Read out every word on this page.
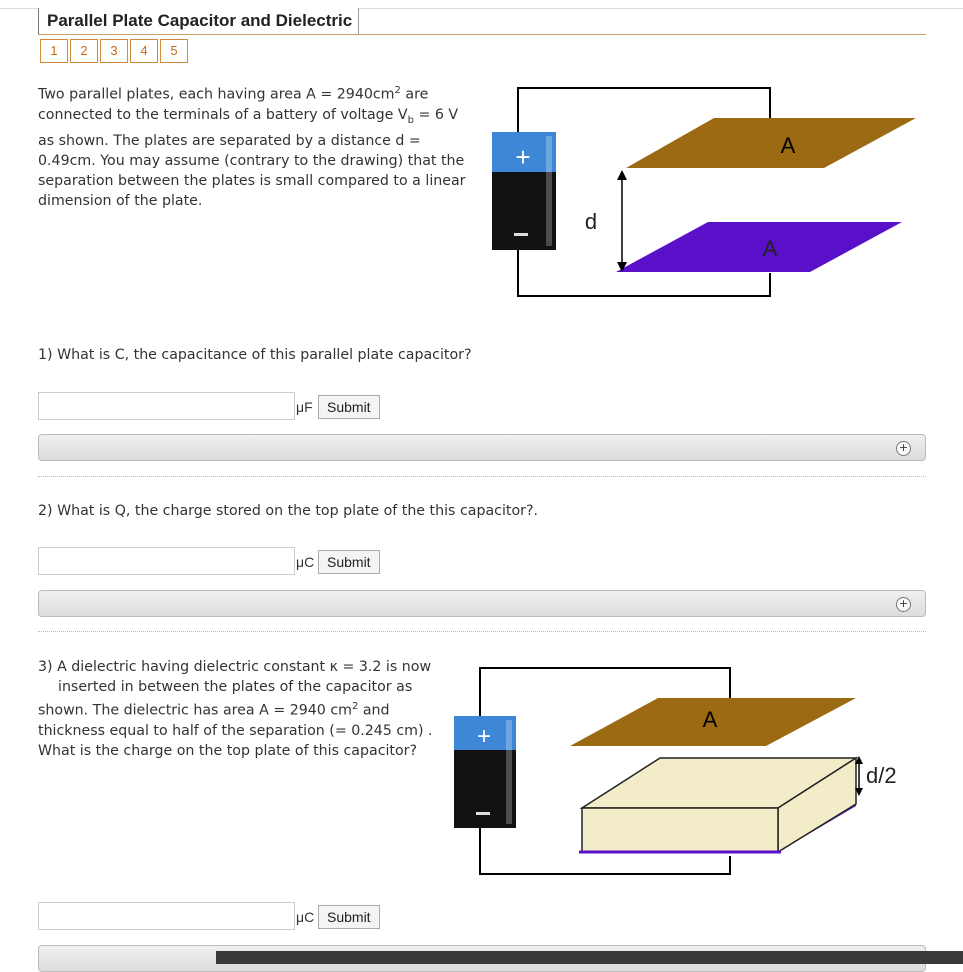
Parallel Plate Capacitor and Dielectric
1	2	3	4	5
Two parallel plates, each having area $A = 2940cm^2$ are
connected to the terminals of a battery of voltage $V_b = 6$ V
as shown. The plates are separated by a distance d =
0.49cm. You may assume (contrary to the drawing) that the
separation between the plates is small compared to a linear
dimension of the plate.
+	A
A
d
1) What is C, the capacitance of this parallel plate capacitor?
μF	Submit
+
2) What is Q, the charge stored on the top plate of the this capacitor?.
μC Submit
+
3) A dielectric having dielectric constant κ = 3.2 is now
inserted in between the plates of the capacitor as
shown. The dielectric has area A = 2940 $cm^2$ and
thickness equal to half of the separation (= 0.245 cm) .
What is the charge on the top plate of this capacitor?
+
A
d/2
μC Submit
